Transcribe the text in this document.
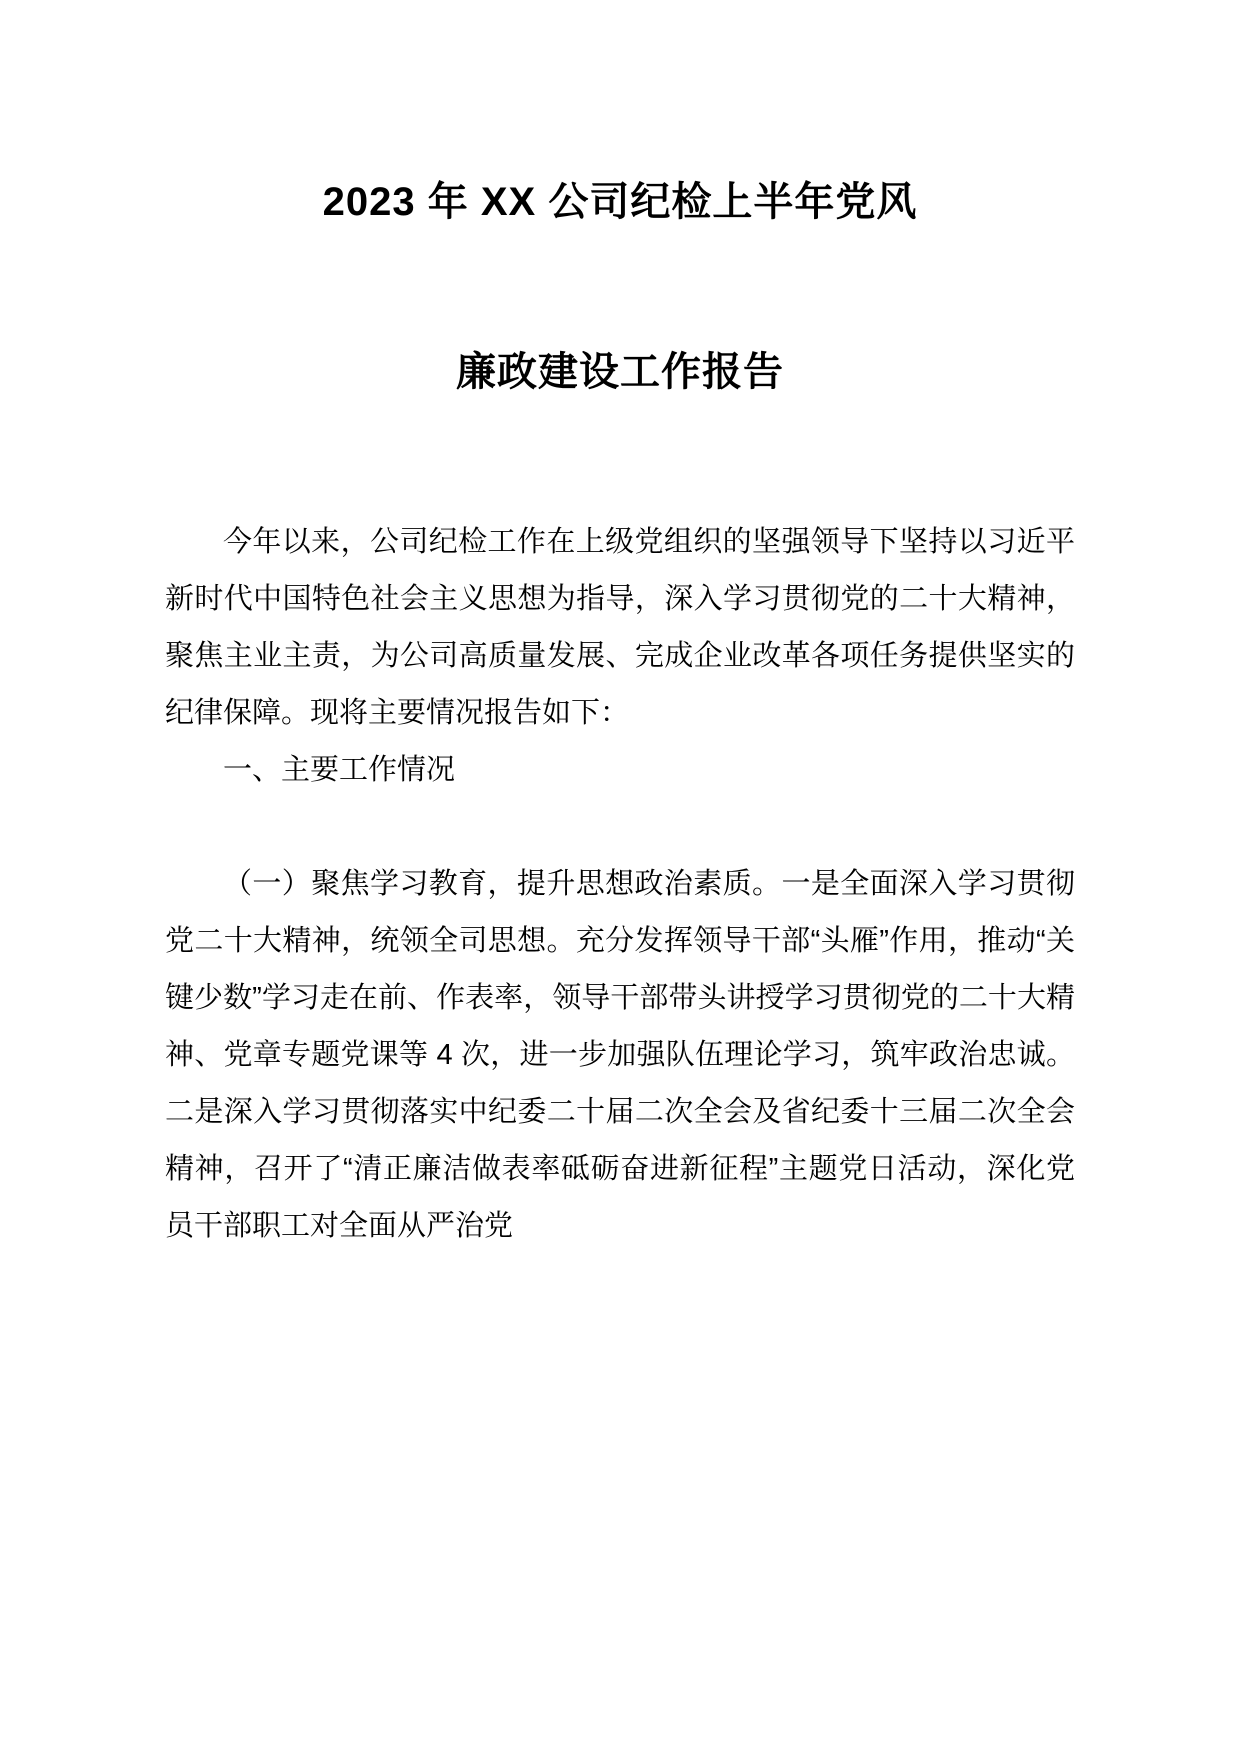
2023 年 XX 公司纪检上半年党风
廉政建设工作报告

今年以来，公司纪检工作在上级党组织的坚强领导下坚持以习近平新时代中国特色社会主义思想为指导，深入学习贯彻党的二十大精神，聚焦主业主责，为公司高质量发展、完成企业改革各项任务提供坚实的纪律保障。现将主要情况报告如下：

一、主要工作情况

（一）聚焦学习教育，提升思想政治素质。一是全面深入学习贯彻党二十大精神，统领全司思想。充分发挥领导干部“头雁”作用，推动“关键少数”学习走在前、作表率，领导干部带头讲授学习贯彻党的二十大精神、党章专题党课等 4 次，进一步加强队伍理论学习，筑牢政治忠诚。二是深入学习贯彻落实中纪委二十届二次全会及省纪委十三届二次全会精神，召开了“清正廉洁做表率砥砺奋进新征程”主题党日活动，深化党员干部职工对全面从严治党
